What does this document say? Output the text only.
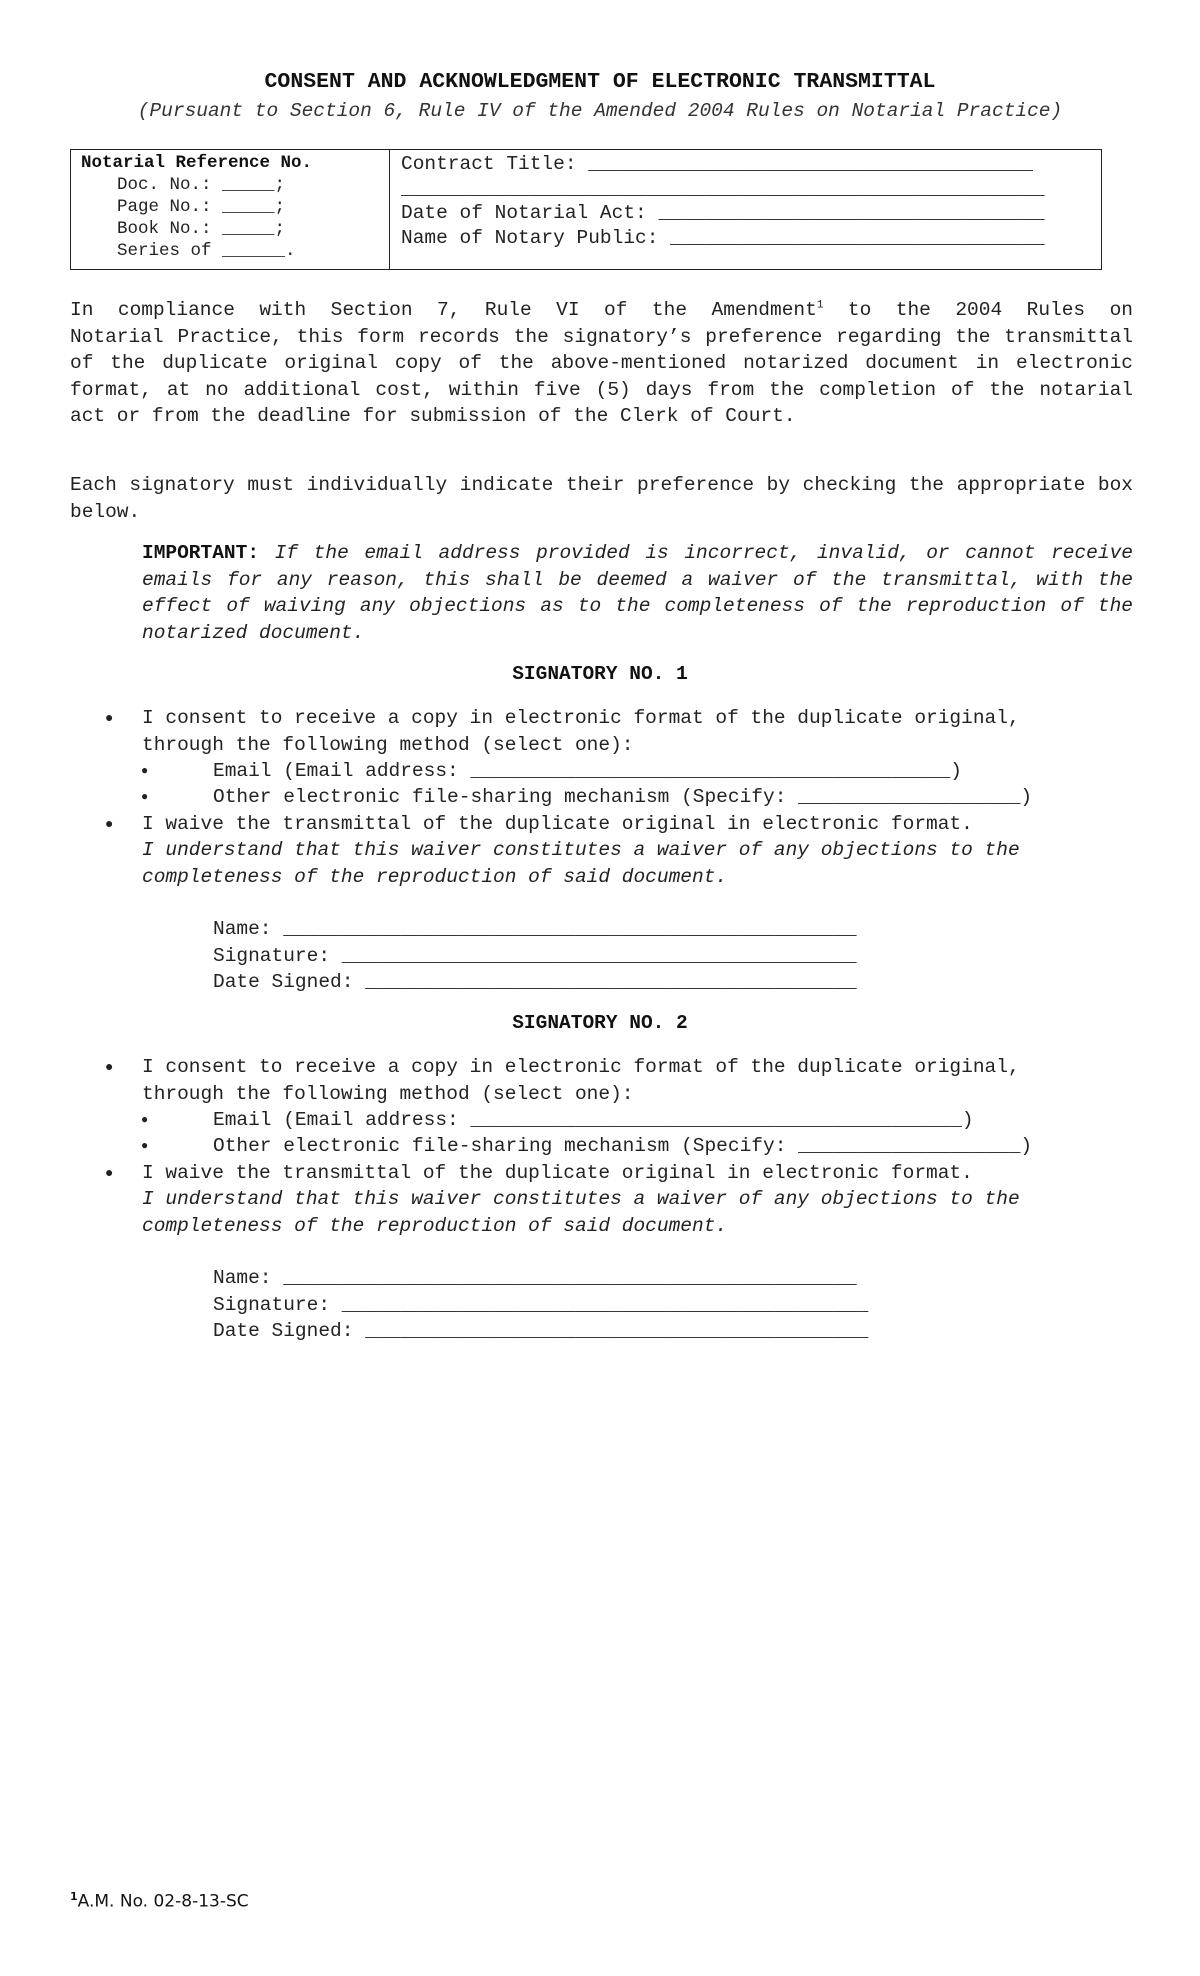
CONSENT AND ACKNOWLEDGMENT OF ELECTRONIC TRANSMITTAL
(Pursuant to Section 6, Rule IV of the Amended 2004 Rules on Notarial Practice)
Notarial Reference No.
Doc. No.: _____;
Page No.: _____;
Book No.: _____;
Series of ______.
Contract Title: ______________________________________
_______________________________________________________
Date of Notarial Act: _________________________________
Name of Notary Public: ________________________________
In compliance with Section 7, Rule VI of the Amendment$^1$ to the 2004 Rules on
Notarial Practice, this form records the signatory’s preference regarding the transmittal of the duplicate original copy of the above-mentioned notarized document in electronic format, at no additional cost, within five (5) days from the completion of the notarial act or from the deadline for submission of the Clerk of Court.
Each signatory must individually indicate their preference by checking the appropriate box below.
IMPORTANT: If the email address provided is incorrect, invalid, or cannot receive emails for any reason, this shall be deemed a waiver of the transmittal, with the effect of waiving any objections as to the completeness of the reproduction of the notarized document.
SIGNATORY NO. 1
● I consent to receive a copy in electronic format of the duplicate original,
through the following method (select one):
●	Email (Email address: _________________________________________)
●	Other electronic file-sharing mechanism (Specify: ___________________)
● I waive the transmittal of the duplicate original in electronic format.
I understand that this waiver constitutes a waiver of any objections to the
completeness of the reproduction of said document.
Name: _________________________________________________
Signature: ____________________________________________
Date Signed: __________________________________________
SIGNATORY NO. 2
● I consent to receive a copy in electronic format of the duplicate original,
through the following method (select one):
●	Email (Email address: __________________________________________)
●	Other electronic file-sharing mechanism (Specify: ___________________)
● I waive the transmittal of the duplicate original in electronic format.
I understand that this waiver constitutes a waiver of any objections to the
completeness of the reproduction of said document.
Name: _________________________________________________
Signature: _____________________________________________
Date Signed: ___________________________________________
$^1$A.M. No. 02-8-13-SC
